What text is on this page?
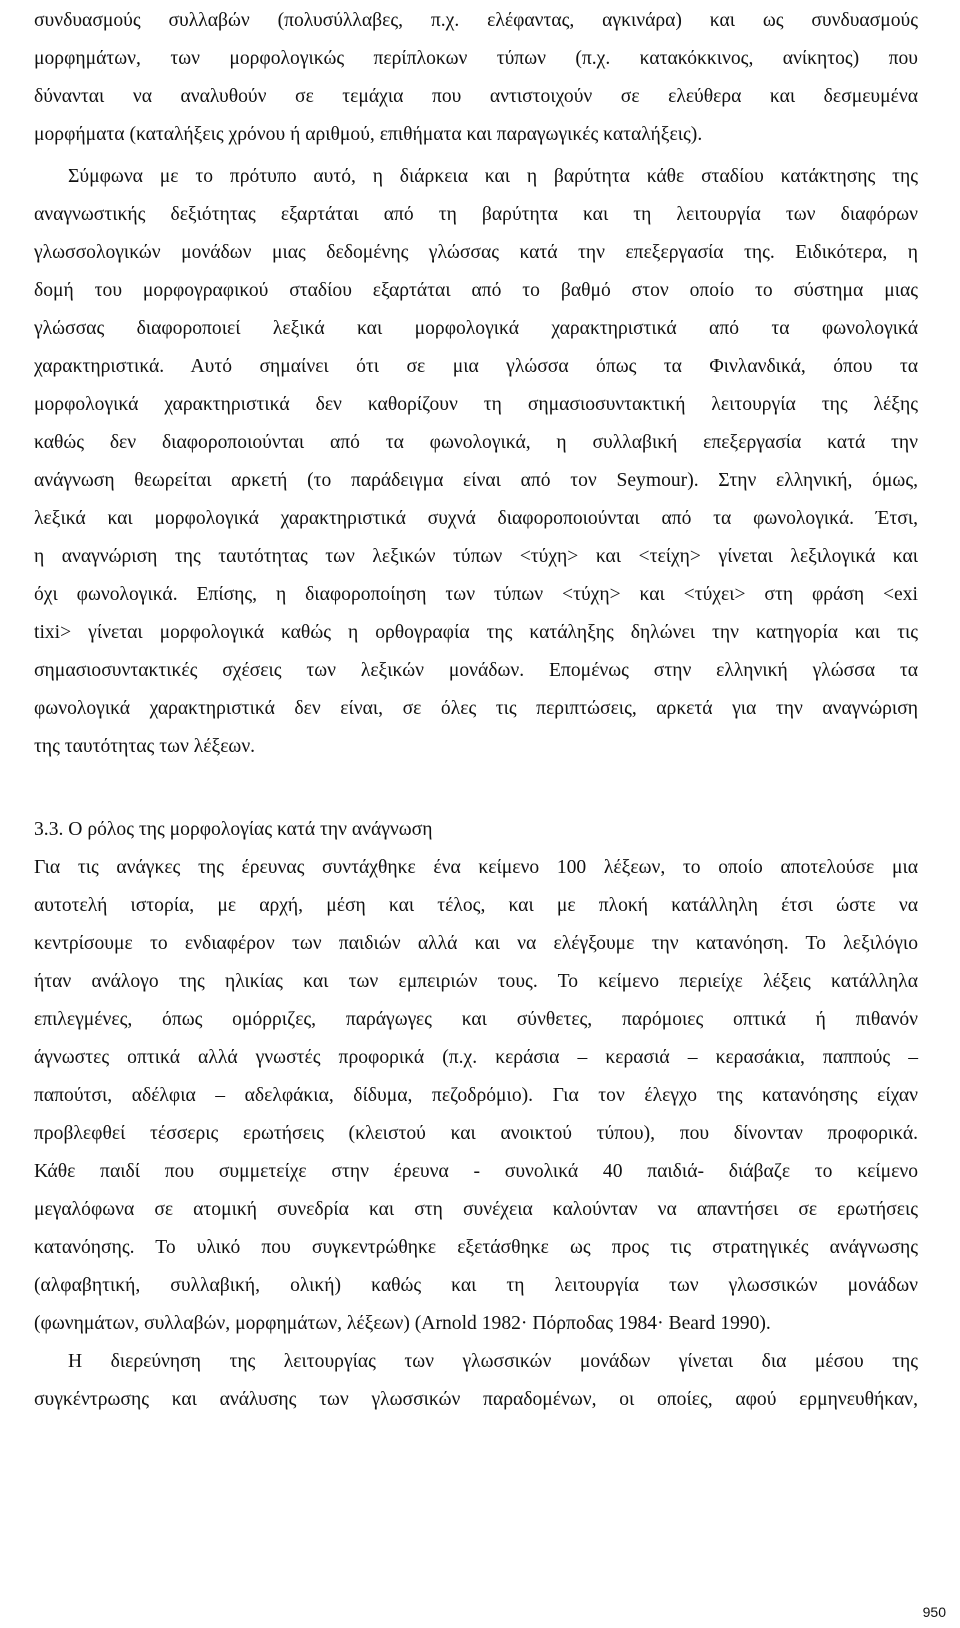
συνδυασμούς συλλαβών (πολυσύλλαβες, π.χ. ελέφαντας, αγκινάρα) και ως συνδυασμούς
μορφημάτων, των μορφολογικώς περίπλοκων τύπων (π.χ. κατακόκκινος, ανίκητος) που
δύνανται να αναλυθούν σε τεμάχια που αντιστοιχούν σε ελεύθερα και δεσμευμένα
μορφήματα (καταλήξεις χρόνου ή αριθμού, επιθήματα και παραγωγικές καταλήξεις).
Σύμφωνα με το πρότυπο αυτό, η διάρκεια και η βαρύτητα κάθε σταδίου κατάκτησης της
αναγνωστικής δεξιότητας εξαρτάται από τη βαρύτητα και τη λειτουργία των διαφόρων
γλωσσολογικών μονάδων μιας δεδομένης γλώσσας κατά την επεξεργασία της. Ειδικότερα, η
δομή του μορφογραφικού σταδίου εξαρτάται από το βαθμό στον οποίο το σύστημα μιας
γλώσσας διαφοροποιεί λεξικά και μορφολογικά χαρακτηριστικά από τα φωνολογικά
χαρακτηριστικά. Αυτό σημαίνει ότι σε μια γλώσσα όπως τα Φινλανδικά, όπου τα
μορφολογικά χαρακτηριστικά δεν καθορίζουν τη σημασιοσυντακτική λειτουργία της λέξης
καθώς δεν διαφοροποιούνται από τα φωνολογικά, η συλλαβική επεξεργασία κατά την
ανάγνωση θεωρείται αρκετή (το παράδειγμα είναι από τον Seymour). Στην ελληνική, όμως,
λεξικά και μορφολογικά χαρακτηριστικά συχνά διαφοροποιούνται από τα φωνολογικά. Έτσι,
η αναγνώριση της ταυτότητας των λεξικών τύπων <τύχη> και <τείχη> γίνεται λεξιλογικά και
όχι φωνολογικά. Επίσης, η διαφοροποίηση των τύπων <τύχη> και <τύχει> στη φράση <exi
tixi> γίνεται μορφολογικά καθώς η ορθογραφία της κατάληξης δηλώνει την κατηγορία και τις
σημασιοσυντακτικές σχέσεις των λεξικών μονάδων. Επομένως στην ελληνική γλώσσα τα
φωνολογικά χαρακτηριστικά δεν είναι, σε όλες τις περιπτώσεις, αρκετά για την αναγνώριση
της ταυτότητας των λέξεων.
3.3. Ο ρόλος της μορφολογίας κατά την ανάγνωση
Για τις ανάγκες της έρευνας συντάχθηκε ένα κείμενο 100 λέξεων, το οποίο αποτελούσε μια
αυτοτελή ιστορία, με αρχή, μέση και τέλος, και με πλοκή κατάλληλη έτσι ώστε να
κεντρίσουμε το ενδιαφέρον των παιδιών αλλά και να ελέγξουμε την κατανόηση. Το λεξιλόγιο
ήταν ανάλογο της ηλικίας και των εμπειριών τους. Το κείμενο περιείχε λέξεις κατάλληλα
επιλεγμένες, όπως ομόρριζες, παράγωγες και σύνθετες, παρόμοιες οπτικά ή πιθανόν
άγνωστες οπτικά αλλά γνωστές προφορικά (π.χ. κεράσια – κερασιά – κερασάκια, παππούς –
παπούτσι, αδέλφια – αδελφάκια, δίδυμα, πεζοδρόμιο). Για τον έλεγχο της κατανόησης είχαν
προβλεφθεί τέσσερις ερωτήσεις (κλειστού και ανοικτού τύπου), που δίνονταν προφορικά.
Κάθε παιδί που συμμετείχε στην έρευνα - συνολικά 40 παιδιά- διάβαζε το κείμενο
μεγαλόφωνα σε ατομική συνεδρία και στη συνέχεια καλούνταν να απαντήσει σε ερωτήσεις
κατανόησης. Το υλικό που συγκεντρώθηκε εξετάσθηκε ως προς τις στρατηγικές ανάγνωσης
(αλφαβητική, συλλαβική, ολική) καθώς και τη λειτουργία των γλωσσικών μονάδων
(φωνημάτων, συλλαβών, μορφημάτων, λέξεων) (Arnold 1982· Πόρποδας 1984· Beard 1990).
Η διερεύνηση της λειτουργίας των γλωσσικών μονάδων γίνεται δια μέσου της
συγκέντρωσης και ανάλυσης των γλωσσικών παραδομένων, οι οποίες, αφού ερμηνευθήκαν,
950
